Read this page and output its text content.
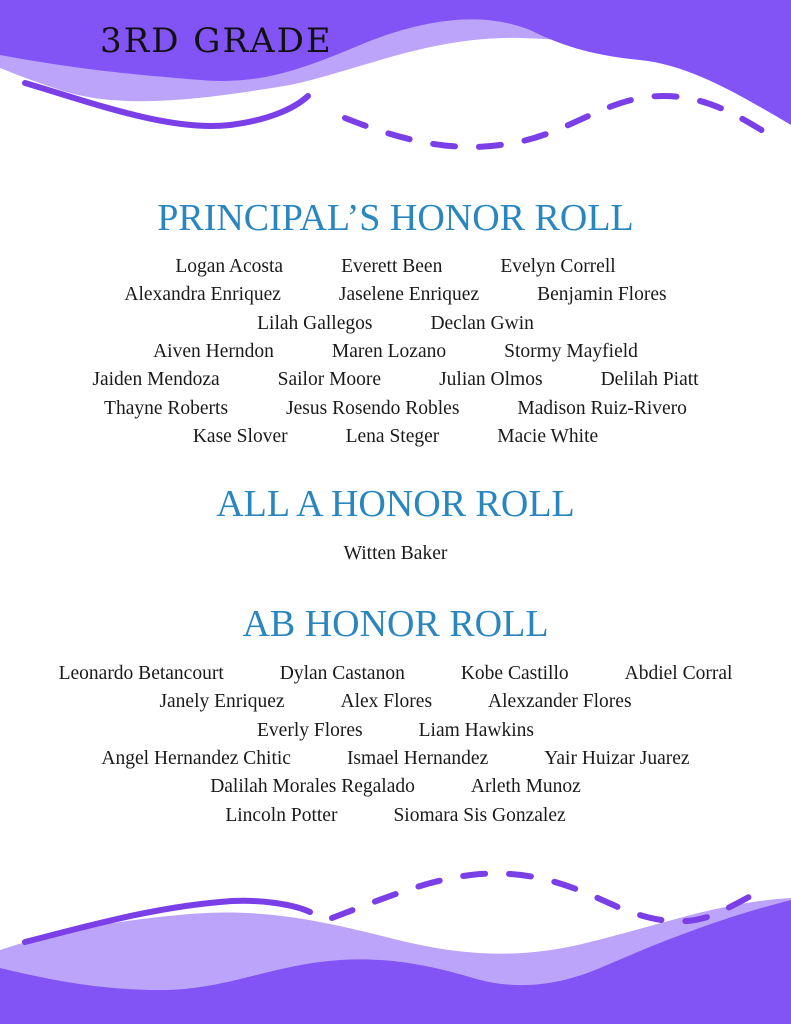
3RD GRADE
PRINCIPAL’S HONOR ROLL
Logan Acosta	Everett Been	Evelyn Correll
Alexandra Enriquez	Jaselene Enriquez	Benjamin Flores
Lilah Gallegos	Declan Gwin
Aiven Herndon	Maren Lozano	Stormy Mayfield
Jaiden Mendoza	Sailor Moore	Julian Olmos	Delilah Piatt
Thayne Roberts	Jesus Rosendo Robles	Madison Ruiz-Rivero
Kase Slover	Lena Steger	Macie White
ALL A HONOR ROLL
Witten Baker
AB HONOR ROLL
Leonardo Betancourt	Dylan Castanon	Kobe Castillo	Abdiel Corral
Janely Enriquez	Alex Flores	Alexzander Flores
Everly Flores	Liam Hawkins
Angel Hernandez Chitic	Ismael Hernandez	Yair Huizar Juarez
Dalilah Morales Regalado	Arleth Munoz
Lincoln Potter	Siomara Sis Gonzalez
